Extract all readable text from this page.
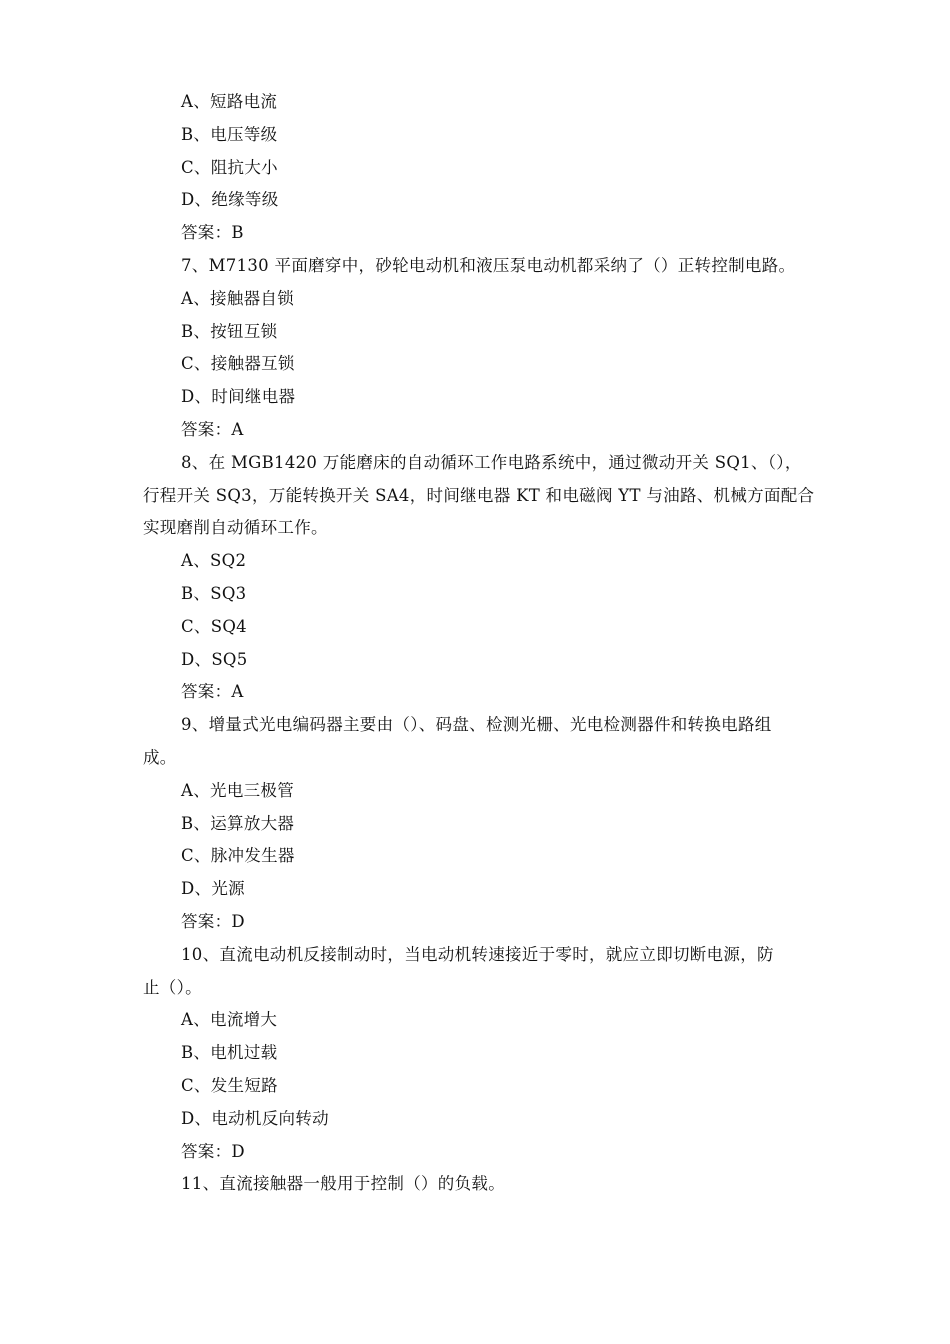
A、短路电流
B、电压等级
C、阻抗大小
D、绝缘等级
答案：B
7、M7130 平面磨穿中，砂轮电动机和液压泵电动机都采纳了（）正转控制电路。
A、接触器自锁
B、按钮互锁
C、接触器互锁
D、时间继电器
答案：A
8、在 MGB1420 万能磨床的自动循环工作电路系统中，通过微动开关 SQ1、（），
行程开关 SQ3，万能转换开关 SA4，时间继电器 KT 和电磁阀 YT 与油路、机械方面配合
实现磨削自动循环工作。
A、SQ2
B、SQ3
C、SQ4
D、SQ5
答案：A
9、增量式光电编码器主要由（）、码盘、检测光栅、光电检测器件和转换电路组
成。
A、光电三极管
B、运算放大器
C、脉冲发生器
D、光源
答案：D
10、直流电动机反接制动时，当电动机转速接近于零时，就应立即切断电源，防
止（）。
A、电流增大
B、电机过载
C、发生短路
D、电动机反向转动
答案：D
11、直流接触器一般用于控制（）的负载。
